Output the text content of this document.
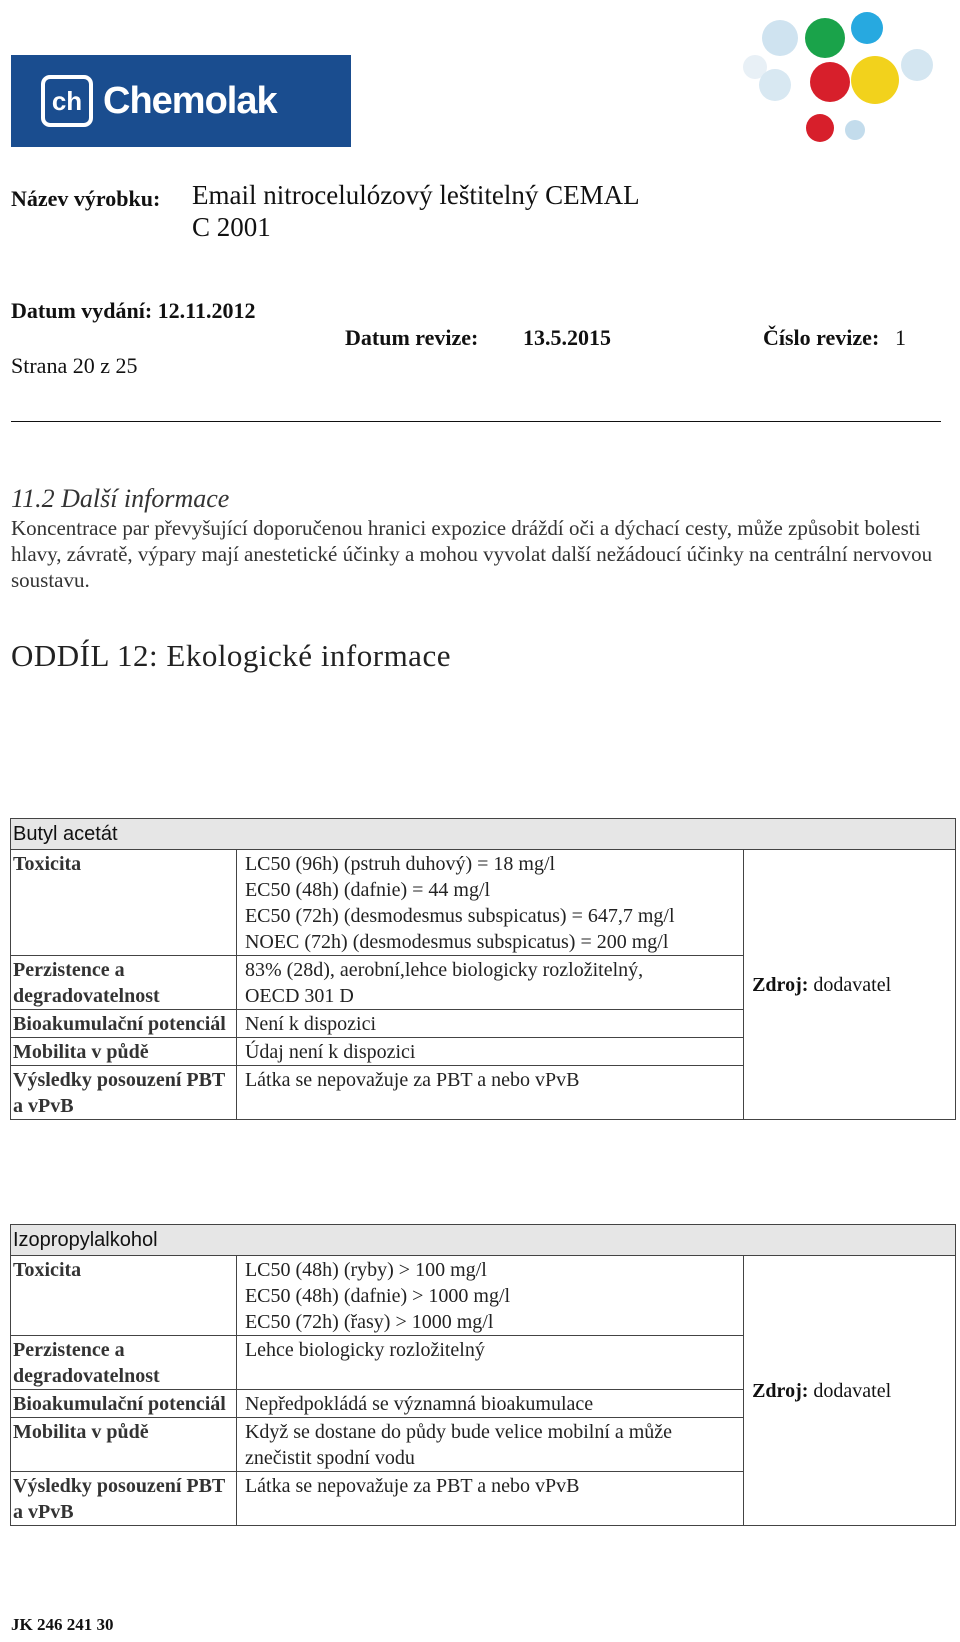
ch Chemolak
Název výrobku: Email nitrocelulózový leštitelný CEMAL
C 2001
Datum vydání: 12.11.2012
Strana 20 z 25
Datum revize: 13.5.2015	Číslo revize: 1
11.2 Další informace
Koncentrace par převyšující doporučenou hranici expozice dráždí oči a dýchací cesty, může způsobit bolesti hlavy, závratě, výpary mají anestetické účinky a mohou vyvolat další nežádoucí účinky na centrální nervovou soustavu.
ODDÍL 12: Ekologické informace
Butyl acetát		
Toxicita	LC50 (96h) (pstruh duhový) = 18 mg/l
EC50 (48h) (dafnie) = 44 mg/l
EC50 (72h) (desmodesmus subspicatus) = 647,7 mg/l
NOEC (72h) (desmodesmus subspicatus) = 200 mg/l	Zdroj: dodavatel
Perzistence a degradovatelnost	83% (28d), aerobní,lehce biologicky rozložitelný,
OECD 301 D	

Bioakumulační potenciál	Není k dispozici	

Mobilita v půdě	Údaj není k dispozici	

Výsledky posouzení PBT a vPvB	Látka se nepovažuje za PBT a nebo vPvB	
Izopropylalkohol		
Toxicita	LC50 (48h) (ryby) > 100 mg/l
EC50 (48h) (dafnie) > 1000 mg/l
EC50 (72h) (řasy) > 1000 mg/l	Zdroj: dodavatel
Perzistence a degradovatelnost	Lehce biologicky rozložitelný	

Bioakumulační potenciál	Nepředpokládá se významná bioakumulace	

Mobilita v půdě	Když se dostane do půdy bude velice mobilní a může
znečistit spodní vodu	

Výsledky posouzení PBT a vPvB	Látka se nepovažuje za PBT a nebo vPvB	
JK 246 241 30
